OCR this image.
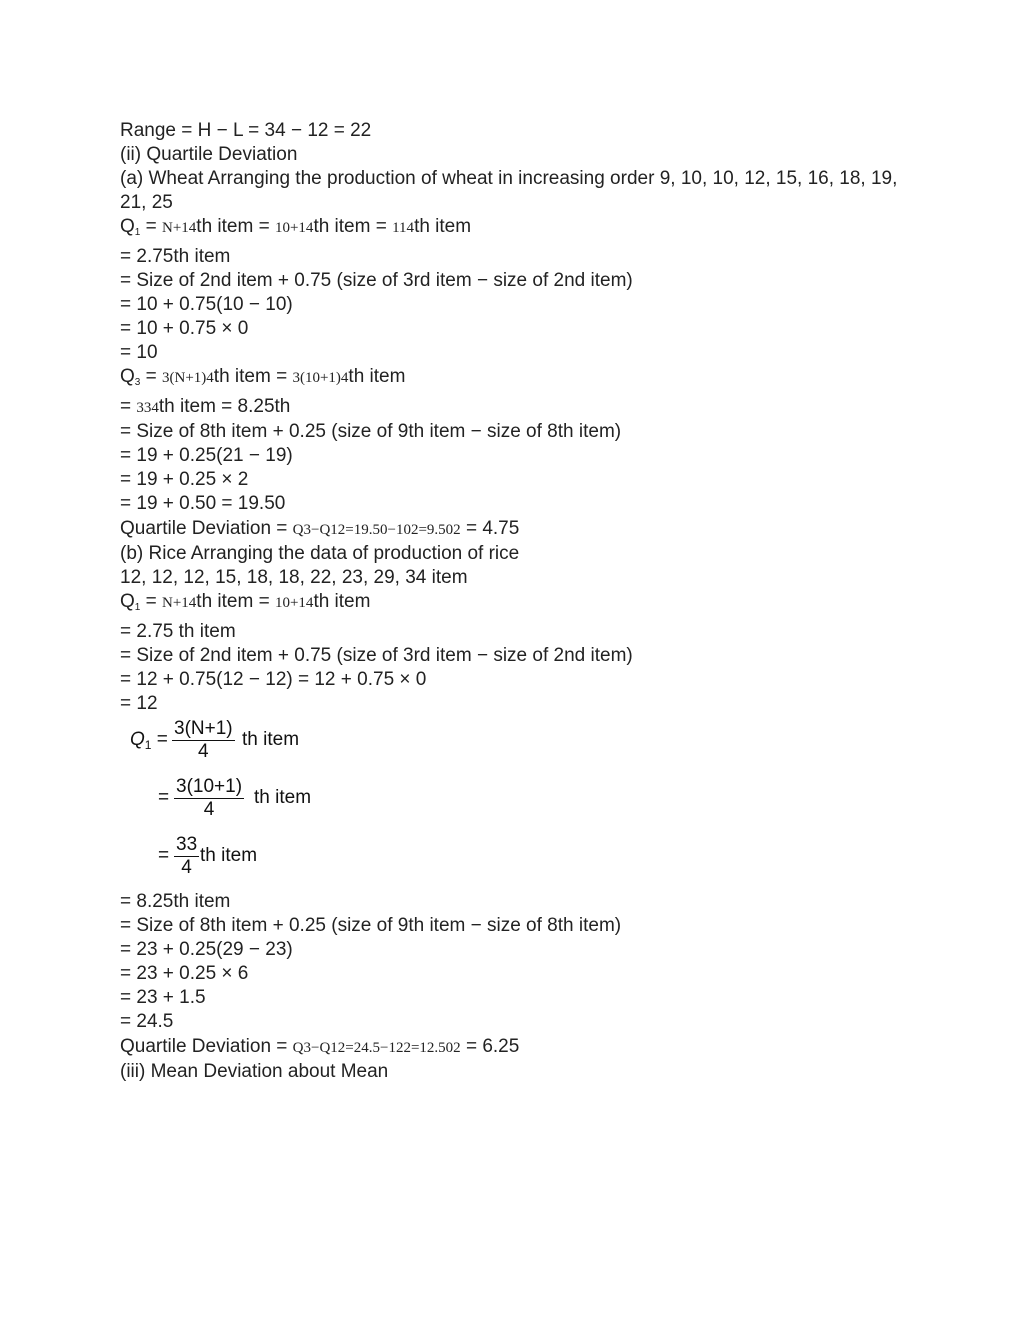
Range = H − L = 34 − 12 = 22
(ii) Quartile Deviation
(a) Wheat Arranging the production of wheat in increasing order 9, 10, 10, 12, 15, 16, 18, 19, 21, 25
$Q_1 = N+14th$ item = 10+14th item = 114th item
= 2.75th item
= Size of 2nd item + 0.75 (size of 3rd item − size of 2nd item)
= 10 + 0.75(10 − 10)
= 10 + 0.75 × 0
= 10
$Q_3 = 3(N+1)4th$ item = 3(10+1)4th item
= 334th item = 8.25th
= Size of 8th item + 0.25 (size of 9th item − size of 8th item)
= 19 + 0.25(21 − 19)
= 19 + 0.25 × 2
= 19 + 0.50 = 19.50
Quartile Deviation = Q3−Q12=19.50−102=9.502 = 4.75
(b) Rice Arranging the data of production of rice
12, 12, 12, 15, 18, 18, 22, 23, 29, 34 item
$Q_1 = N+14th$ item = 10+14th item
= 2.75 th item
= Size of 2nd item + 0.75 (size of 3rd item − size of 2nd item)
= 12 + 0.75(12 − 12) = 12 + 0.75 × 0
= 12
$Q_1 = \frac{3(N+1)}{4}$ th item
= $\frac{3(10+1)}{4}$ th item
= $\frac{33}{4}$ th item
= 8.25th item
= Size of 8th item + 0.25 (size of 9th item − size of 8th item)
= 23 + 0.25(29 − 23)
= 23 + 0.25 × 6
= 23 + 1.5
= 24.5
Quartile Deviation = Q3−Q12=24.5−122=12.502 = 6.25
(iii) Mean Deviation about Mean
